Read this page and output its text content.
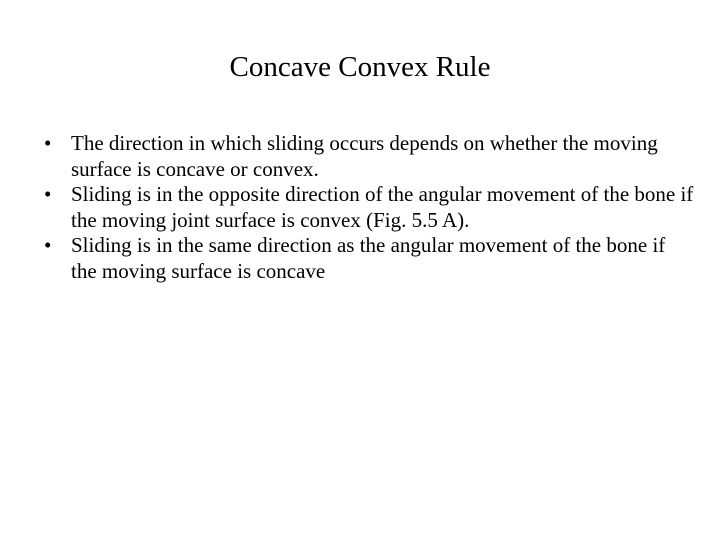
Concave Convex Rule
• The direction in which sliding occurs depends on whether the moving surface is concave or convex.
• Sliding is in the opposite direction of the angular movement of the bone if the moving joint surface is convex (Fig. 5.5 A).
• Sliding is in the same direction as the angular movement of the bone if the moving surface is concave
